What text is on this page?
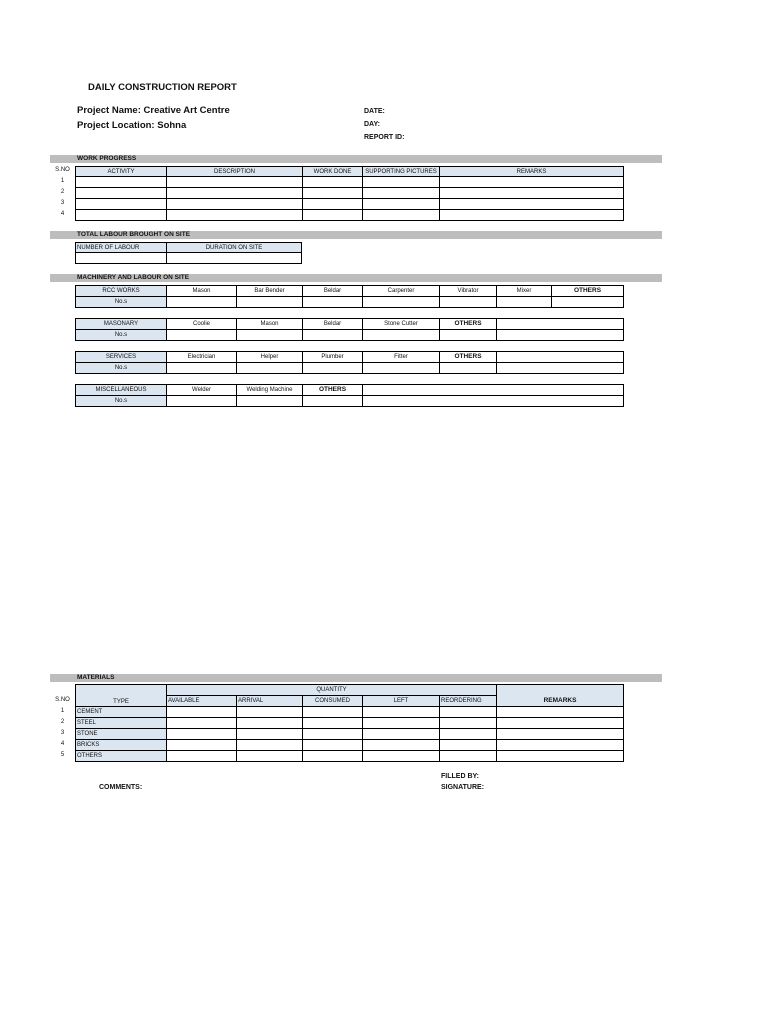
DAILY CONSTRUCTION REPORT
Project Name: Creative Art Centre
Project Location: Sohna
DATE:
DAY:
REPORT ID:
WORK PROGRESS
S.NO	ACTIVITY	DESCRIPTION	WORK DONE	SUPPORTING PICTURES	REMARKS
1
2
3
4
TOTAL LABOUR BROUGHT ON SITE
NUMBER OF LABOUR	DURATION ON SITE
MACHINERY AND LABOUR ON SITE
RCC WORKS	Mason	Bar Bender	Beldar	Carpenter	Vibrator	Mixer	OTHERS
No.s
MASONARY	Coolie	Mason	Beldar	Stone Cutter	OTHERS
No.s
SERVICES	Electrician	Helper	Plumber	Fitter	OTHERS
No.s
MISCELLANEOUS	Welder	Welding Machine	OTHERS
No.s
MATERIALS
TYPE
QUANTITY
REMARKS
AVAILABLE	ARRIVAL	CONSUMED	LEFT	REORDERING
S.NO
1	CEMENT
2	STEEL
3	STONE
4	BRICKS
5	OTHERS
FILLED BY:
SIGNATURE:
COMMENTS:
